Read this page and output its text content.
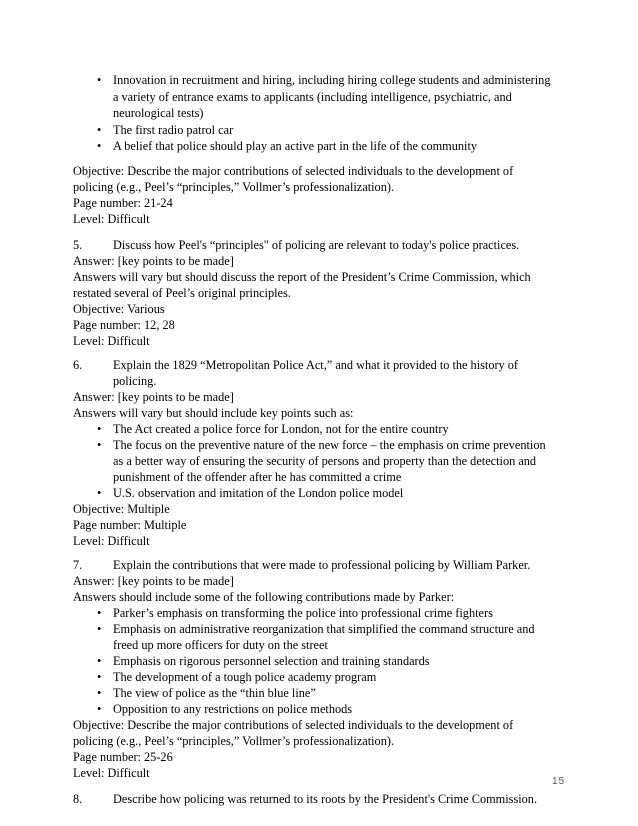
• Innovation in recruitment and hiring, including hiring college students and administering
a variety of entrance exams to applicants (including intelligence, psychiatric, and
neurological tests)
• The first radio patrol car
• A belief that police should play an active part in the life of the community
Objective: Describe the major contributions of selected individuals to the development of
policing (e.g., Peel’s “principles,” Vollmer’s professionalization).
Page number: 21-24
Level: Difficult
5.	Discuss how Peel's “principles" of policing are relevant to today's police practices.
Answer: [key points to be made]
Answers will vary but should discuss the report of the President’s Crime Commission, which
restated several of Peel’s original principles.
Objective: Various
Page number: 12, 28
Level: Difficult
6.	Explain the 1829 “Metropolitan Police Act,” and what it provided to the history of
policing.
Answer: [key points to be made]
Answers will vary but should include key points such as:
• The Act created a police force for London, not for the entire country
• The focus on the preventive nature of the new force – the emphasis on crime prevention
as a better way of ensuring the security of persons and property than the detection and
punishment of the offender after he has committed a crime
• U.S. observation and imitation of the London police model
Objective: Multiple
Page number: Multiple
Level: Difficult
7.	Explain the contributions that were made to professional policing by William Parker.
Answer: [key points to be made]
Answers should include some of the following contributions made by Parker:
• Parker’s emphasis on transforming the police into professional crime fighters
• Emphasis on administrative reorganization that simplified the command structure and
freed up more officers for duty on the street
• Emphasis on rigorous personnel selection and training standards
• The development of a tough police academy program
• The view of police as the “thin blue line”
• Opposition to any restrictions on police methods
Objective: Describe the major contributions of selected individuals to the development of
policing (e.g., Peel’s “principles,” Vollmer’s professionalization).
Page number: 25-26
Level: Difficult
8.	Describe how policing was returned to its roots by the President's Crime Commission.
15
